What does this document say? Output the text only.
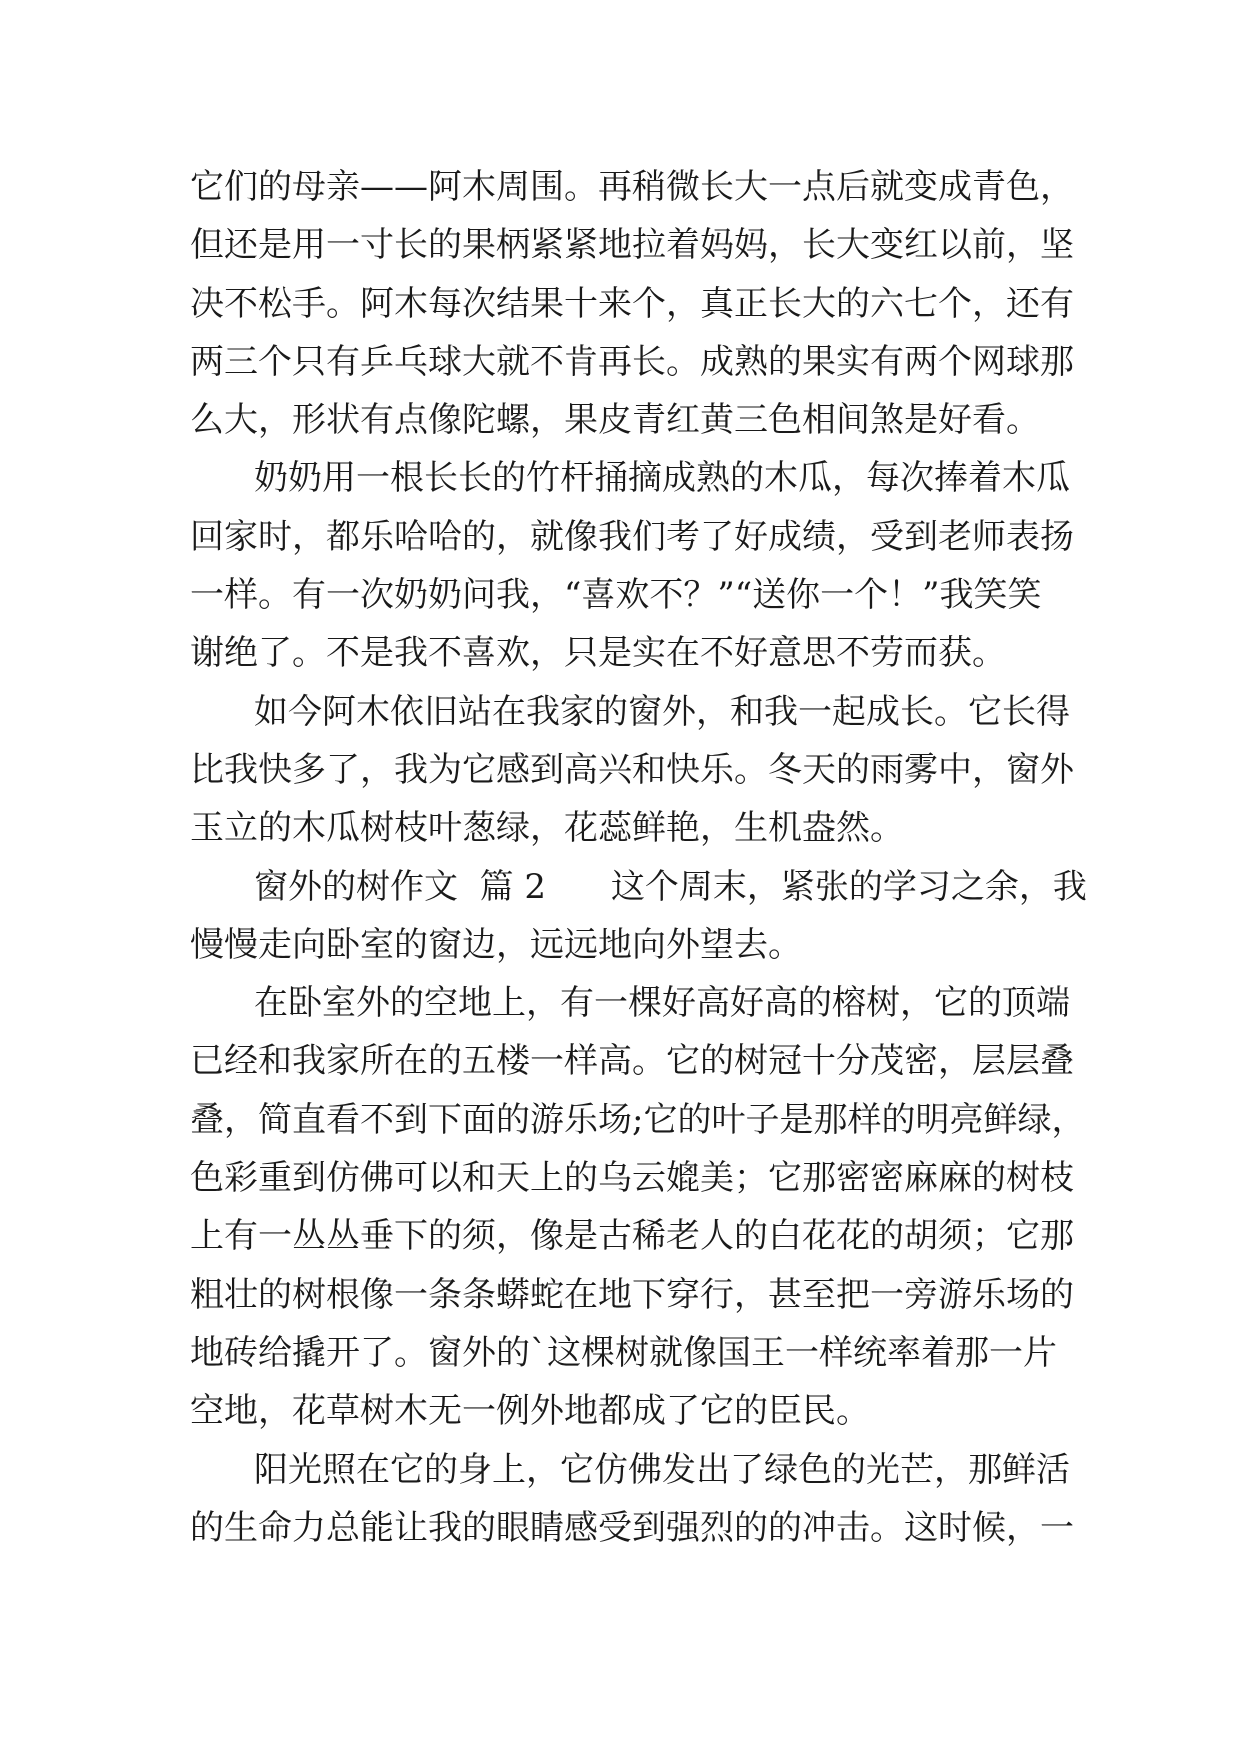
它们的母亲——阿木周围。再稍微长大一点后就变成青色，
但还是用一寸长的果柄紧紧地拉着妈妈，长大变红以前，坚
决不松手。阿木每次结果十来个，真正长大的六七个，还有
两三个只有乒乓球大就不肯再长。成熟的果实有两个网球那
么大，形状有点像陀螺，果皮青红黄三色相间煞是好看。
奶奶用一根长长的竹杆捅摘成熟的木瓜，每次捧着木瓜
回家时，都乐哈哈的，就像我们考了好成绩，受到老师表扬
一样。有一次奶奶问我，“喜欢不？”“送你一个！”我笑笑
谢绝了。不是我不喜欢，只是实在不好意思不劳而获。
如今阿木依旧站在我家的窗外，和我一起成长。它长得
比我快多了，我为它感到高兴和快乐。冬天的雨雾中，窗外
玉立的木瓜树枝叶葱绿，花蕊鲜艳，生机盎然。
窗外的树作文  篇 2      这个周末，紧张的学习之余，我
慢慢走向卧室的窗边，远远地向外望去。
在卧室外的空地上，有一棵好高好高的榕树，它的顶端
已经和我家所在的五楼一样高。它的树冠十分茂密，层层叠
叠，简直看不到下面的游乐场;它的叶子是那样的明亮鲜绿，
色彩重到仿佛可以和天上的乌云媲美；它那密密麻麻的树枝
上有一丛丛垂下的须，像是古稀老人的白花花的胡须；它那
粗壮的树根像一条条蟒蛇在地下穿行，甚至把一旁游乐场的
地砖给撬开了。窗外的`这棵树就像国王一样统率着那一片
空地，花草树木无一例外地都成了它的臣民。
阳光照在它的身上，它仿佛发出了绿色的光芒，那鲜活
的生命力总能让我的眼睛感受到强烈的的冲击。这时候，一
